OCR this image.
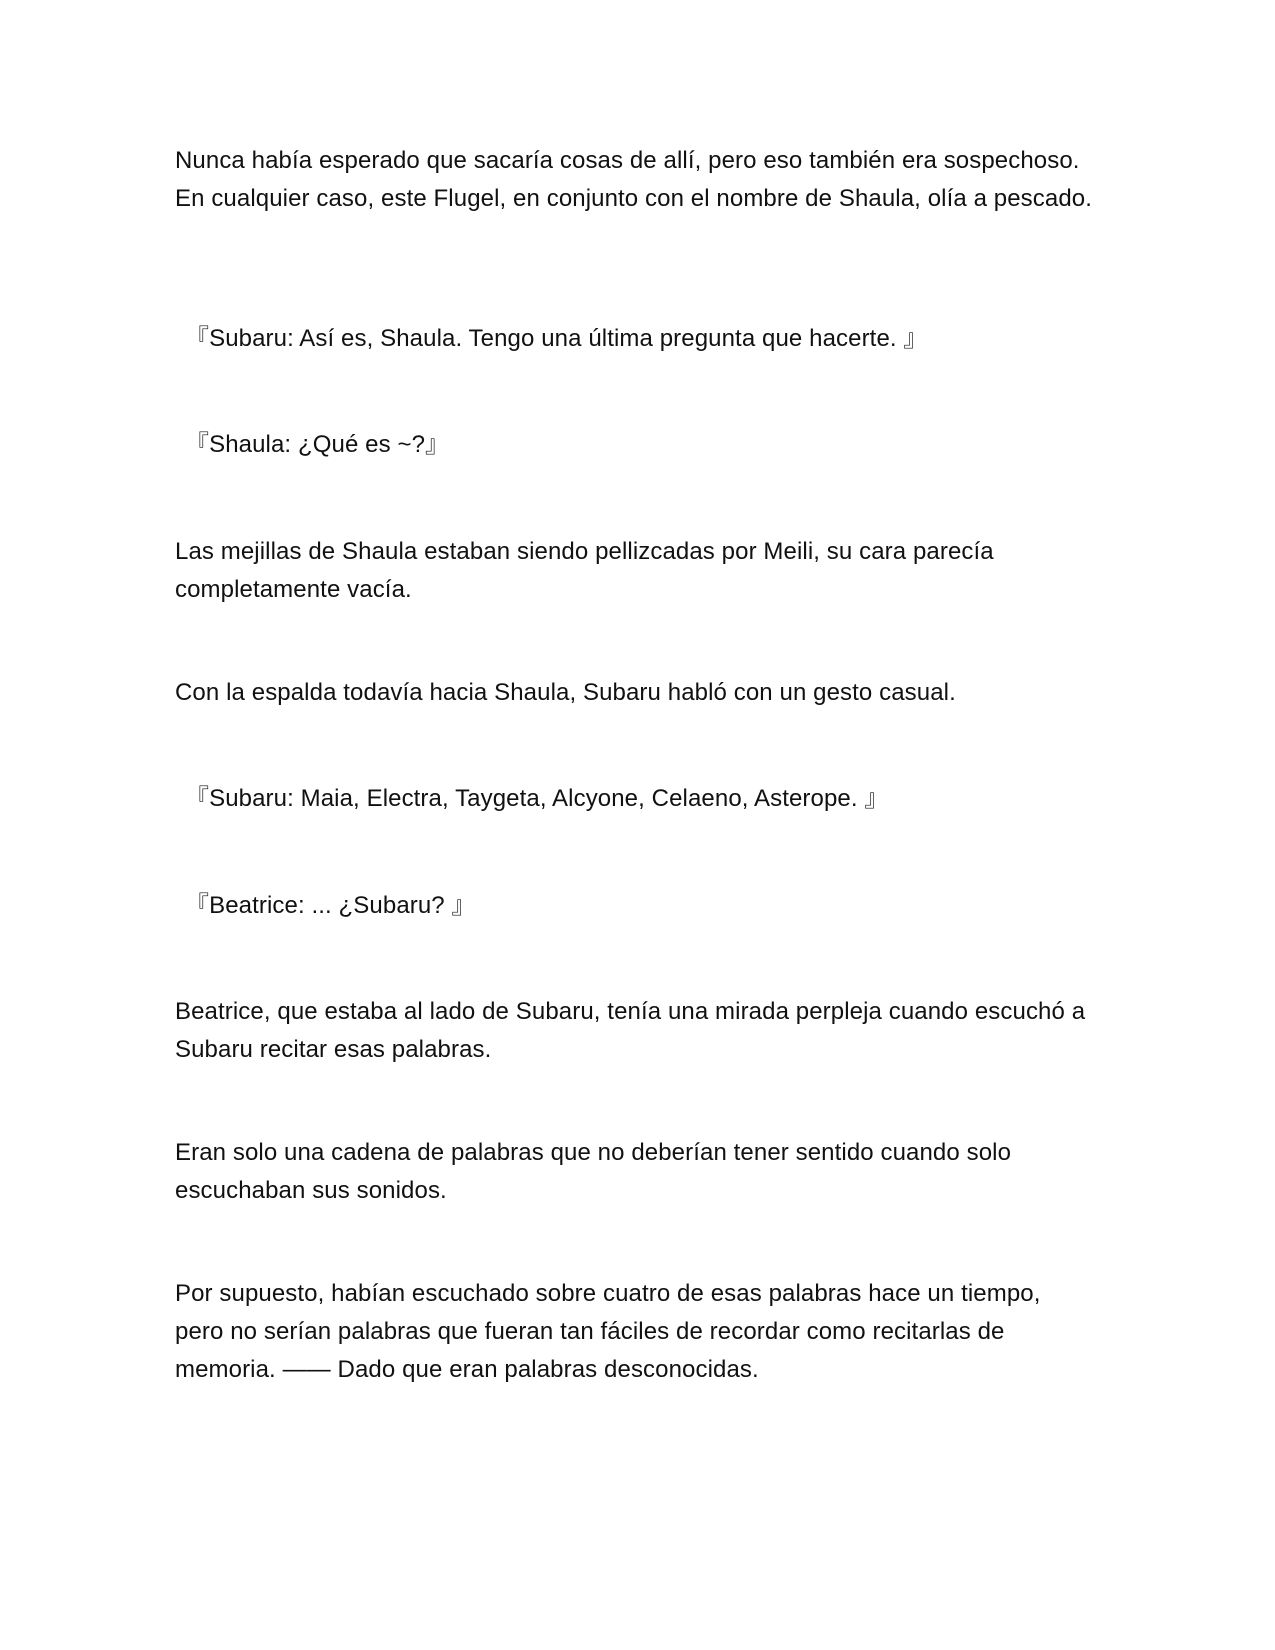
Nunca había esperado que sacaría cosas de allí, pero eso también era sospechoso. En cualquier caso, este Flugel, en conjunto con el nombre de Shaula, olía a pescado.

『Subaru: Así es, Shaula. Tengo una última pregunta que hacerte. 』

『Shaula: ¿Qué es ~?』

Las mejillas de Shaula estaban siendo pellizcadas por Meili, su cara parecía completamente vacía.

Con la espalda todavía hacia Shaula, Subaru habló con un gesto casual.

『Subaru: Maia, Electra, Taygeta, Alcyone, Celaeno, Asterope. 』

『Beatrice: ... ¿Subaru? 』

Beatrice, que estaba al lado de Subaru, tenía una mirada perpleja cuando escuchó a Subaru recitar esas palabras.

Eran solo una cadena de palabras que no deberían tener sentido cuando solo escuchaban sus sonidos.

Por supuesto, habían escuchado sobre cuatro de esas palabras hace un tiempo, pero no serían palabras que fueran tan fáciles de recordar como recitarlas de memoria. —— Dado que eran palabras desconocidas.
